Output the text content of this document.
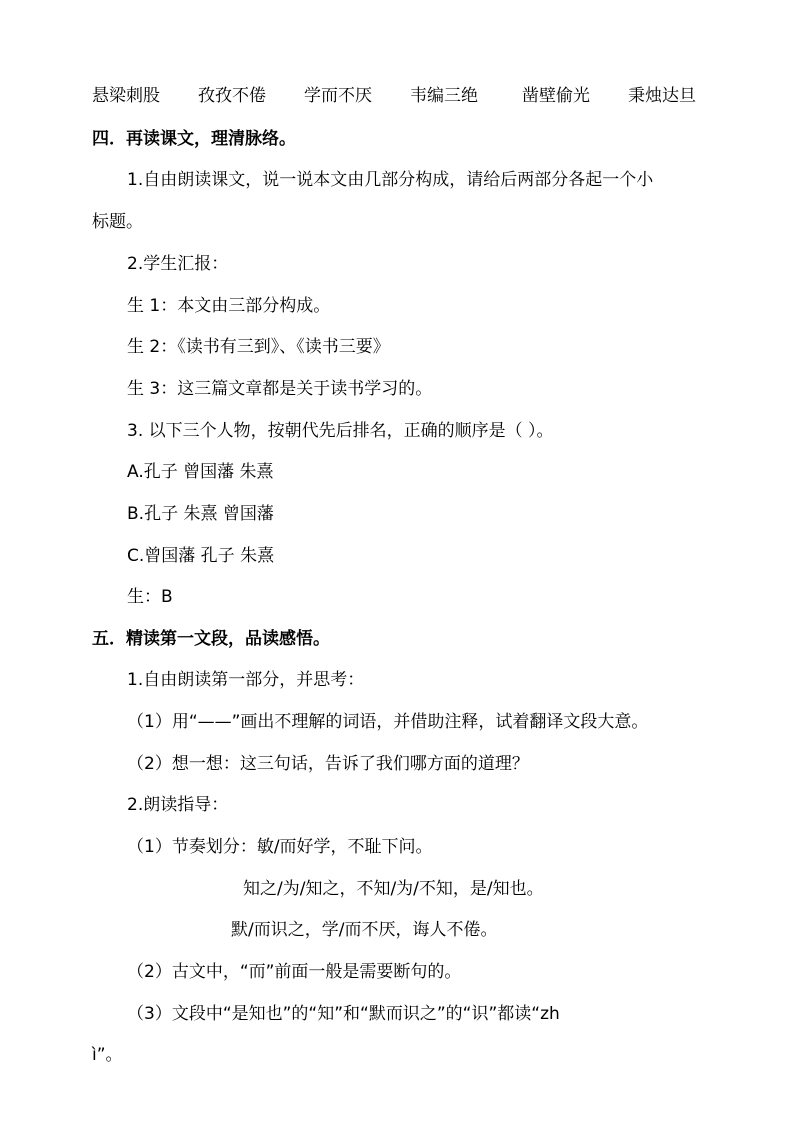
悬梁刺股 孜孜不倦 学而不厌 韦编三绝	凿壁偷光 秉烛达旦
四．再读课文，理清脉络。
1.自由朗读课文，说一说本文由几部分构成，请给后两部分各起一个小
标题。
2.学生汇报：
生 1：本文由三部分构成。
生 2：《读书有三到》、《读书三要》
生 3：这三篇文章都是关于读书学习的。
3. 以下三个人物，按朝代先后排名，正确的顺序是（ ）。
A.孔子 曾国藩 朱熹
B.孔子 朱熹 曾国藩
C.曾国藩 孔子 朱熹
生：B
五．精读第一文段，品读感悟。
1.自由朗读第一部分，并思考：
（1）用“——”画出不理解的词语，并借助注释，试着翻译文段大意。
（2）想一想：这三句话，告诉了我们哪方面的道理？
2.朗读指导：
（1）节奏划分：敏/而好学，不耻下问。
知之/为/知之，不知/为/不知，是/知也。
默/而识之，学/而不厌，诲人不倦。
（2）古文中，“而”前面一般是需要断句的。
（3）文段中“是知也”的“知”和“默而识之”的“识”都读“zh
ì”。
